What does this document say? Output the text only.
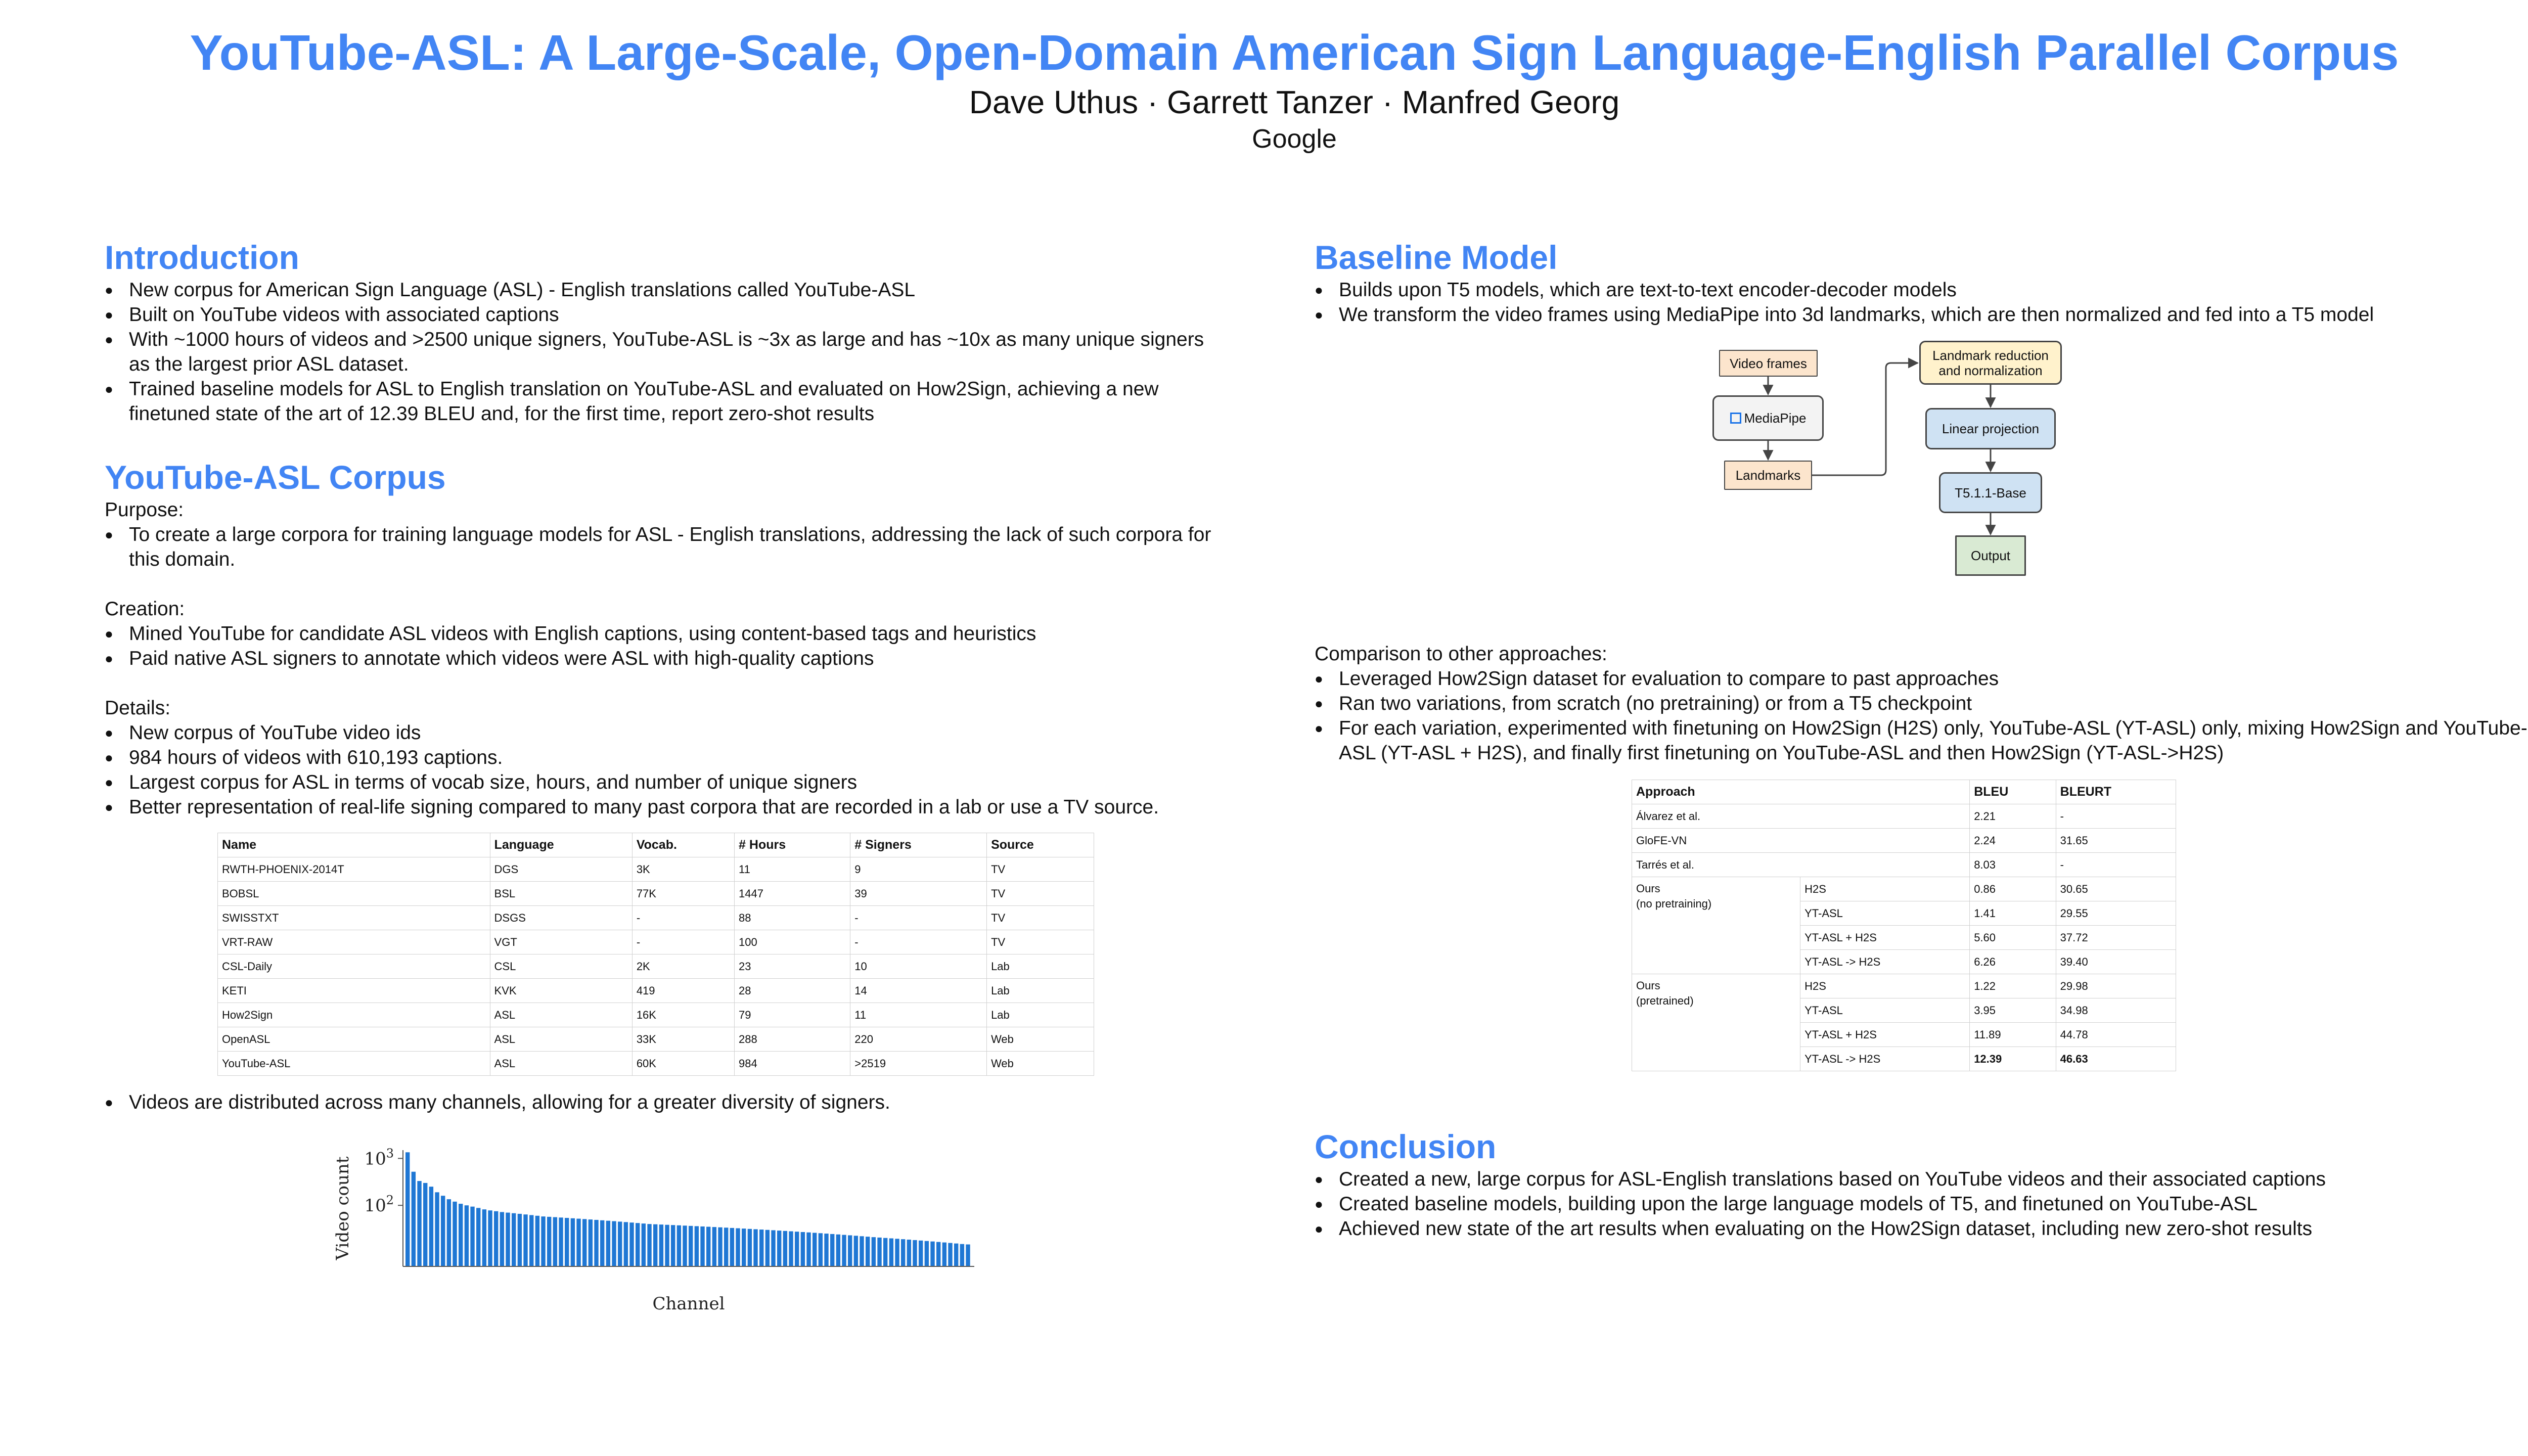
YouTube-ASL: A Large-Scale, Open-Domain American Sign Language-English Parallel Corpus
Dave Uthus · Garrett Tanzer · Manfred Georg
Google
Introduction
● New corpus for American Sign Language (ASL) - English translations called YouTube-ASL
● Built on YouTube videos with associated captions
● With ~1000 hours of videos and >2500 unique signers, YouTube-ASL is ~3x as large and has ~10x as many unique signers as the largest prior ASL dataset.
● Trained baseline models for ASL to English translation on YouTube-ASL and evaluated on How2Sign, achieving a new finetuned state of the art of 12.39 BLEU and, for the first time, report zero-shot results
YouTube-ASL Corpus

Purpose:

● To create a large corpora for training language models for ASL - English translations, addressing the lack of such corpora for this domain.

Creation:

● Mined YouTube for candidate ASL videos with English captions, using content-based tags and heuristics
● Paid native ASL signers to annotate which videos were ASL with high-quality captions

Details:

● New corpus of YouTube video ids
● 984 hours of videos with 610,193 captions.
● Largest corpus for ASL in terms of vocab size, hours, and number of unique signers
● Better representation of real-life signing compared to many past corpora that are recorded in a lab or use a TV source.
Name	Language	Vocab.	# Hours	# Signers	Source
RWTH-PHOENIX-2014T	DGS	3K	11	9	TV
BOBSL	BSL	77K	1447	39	TV
SWISSTXT	DSGS	-	88	-	TV
VRT-RAW	VGT	-	100	-	TV
CSL-Daily	CSL	2K	23	10	Lab
KETI	KVK	419	28	14	Lab
How2Sign	ASL	16K	79	11	Lab
OpenASL	ASL	33K	288	220	Web
YouTube-ASL	ASL	60K	984	>2519	Web
● Videos are distributed across many channels, allowing for a greater diversity of signers.
$10^2$
$10^3$
Video count
Channel
Baseline Model
● Builds upon T5 models, which are text-to-text encoder-decoder models
● We transform the video frames using MediaPipe into 3d landmarks, which are then normalized and fed into a T5 model
Video frames
MediaPipe
Landmarks
Landmark reduction
and normalization
Linear projection
T5.1.1-Base
Output

Comparison to other approaches:

● Leveraged How2Sign dataset for evaluation to compare to past approaches
● Ran two variations, from scratch (no pretraining) or from a T5 checkpoint
● For each variation, experimented with finetuning on How2Sign (H2S) only, YouTube-ASL (YT-ASL) only, mixing How2Sign and YouTube-ASL (YT-ASL + H2S), and finally first finetuning on YouTube-ASL and then How2Sign (YT-ASL->H2S)
Approach		BLEU	BLEURT
Álvarez et al.		2.21	-
GloFE-VN		2.24	31.65
Tarrés et al.		8.03	-
Ours
(no pretraining)	H2S	0.86	30.65
	YT-ASL	1.41	29.55
	YT-ASL + H2S	5.60	37.72
	YT-ASL -> H2S	6.26	39.40
Ours
(pretrained)	H2S	1.22	29.98
	YT-ASL	3.95	34.98
	YT-ASL + H2S	11.89	44.78
	YT-ASL -> H2S	12.39	46.63
Conclusion
● Created a new, large corpus for ASL-English translations based on YouTube videos and their associated captions
● Created baseline models, building upon the large language models of T5, and finetuned on YouTube-ASL
● Achieved new state of the art results when evaluating on the How2Sign dataset, including new zero-shot results
